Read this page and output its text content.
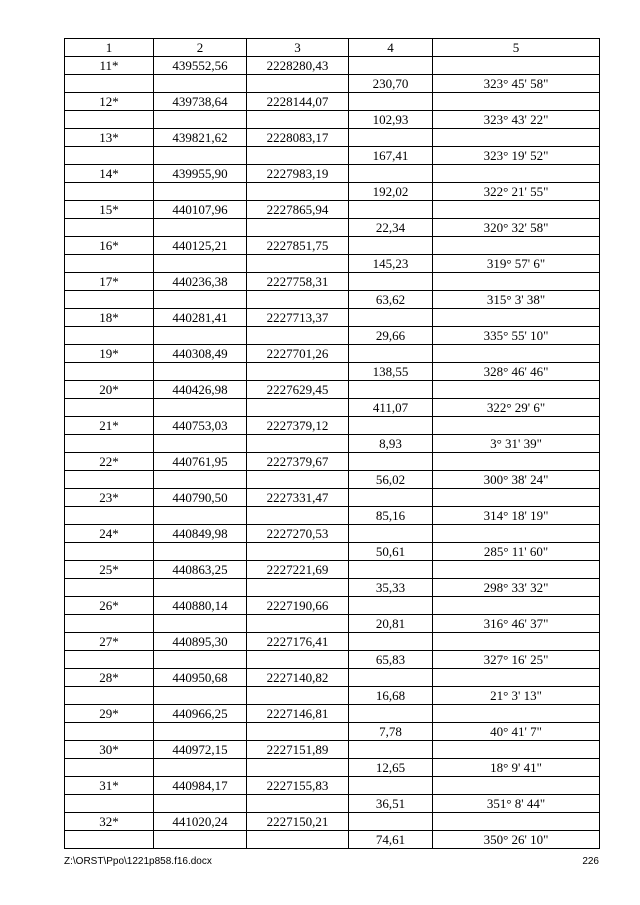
1	2	3	4	5
11*	439552,56	2228280,43		
			230,70	323° 45' 58"
12*	439738,64	2228144,07		
			102,93	323° 43' 22"
13*	439821,62	2228083,17		
			167,41	323° 19' 52"
14*	439955,90	2227983,19		
			192,02	322° 21' 55"
15*	440107,96	2227865,94		
			22,34	320° 32' 58"
16*	440125,21	2227851,75		
			145,23	319° 57' 6"
17*	440236,38	2227758,31		
			63,62	315° 3' 38"
18*	440281,41	2227713,37		
			29,66	335° 55' 10"
19*	440308,49	2227701,26		
			138,55	328° 46' 46"
20*	440426,98	2227629,45		
			411,07	322° 29' 6"
21*	440753,03	2227379,12		
			8,93	3° 31' 39"
22*	440761,95	2227379,67		
			56,02	300° 38' 24"
23*	440790,50	2227331,47		
			85,16	314° 18' 19"
24*	440849,98	2227270,53		
			50,61	285° 11' 60"
25*	440863,25	2227221,69		
			35,33	298° 33' 32"
26*	440880,14	2227190,66		
			20,81	316° 46' 37"
27*	440895,30	2227176,41		
			65,83	327° 16' 25"
28*	440950,68	2227140,82		
			16,68	21° 3' 13"
29*	440966,25	2227146,81		
			7,78	40° 41' 7"
30*	440972,15	2227151,89		
			12,65	18° 9' 41"
31*	440984,17	2227155,83		
			36,51	351° 8' 44"
32*	441020,24	2227150,21		
			74,61	350° 26' 10"
Z:\ORST\Ppo\1221p858.f16.docx	226
